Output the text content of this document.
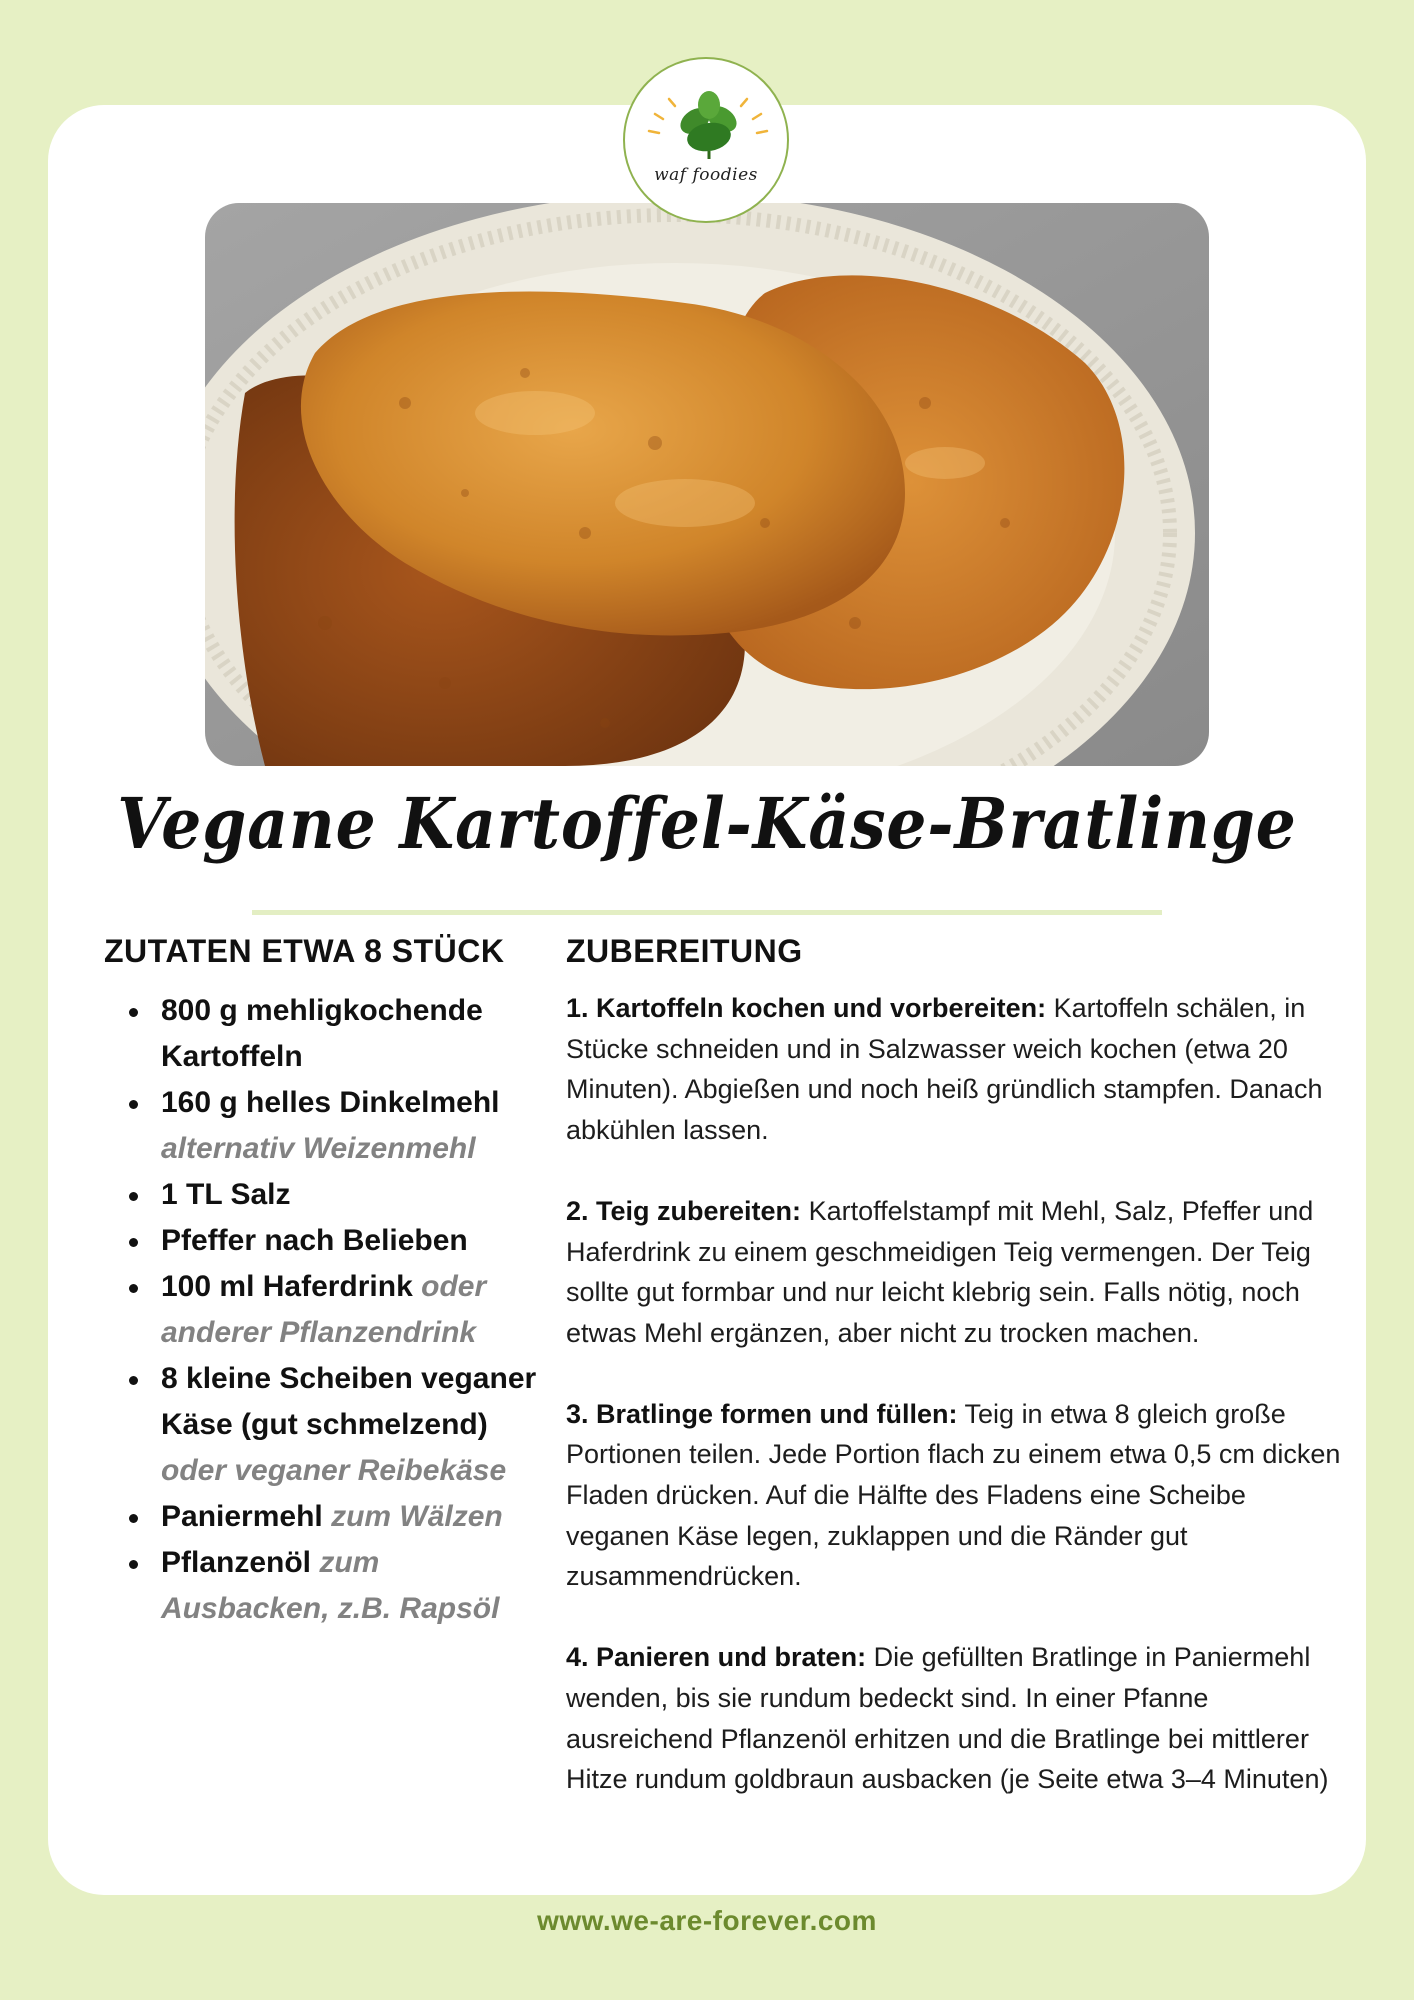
waf foodies
Vegane Kartoffel-Käse-Bratlinge
ZUTATEN ETWA 8 STÜCK
800 g mehligkochende Kartoffeln
160 g helles Dinkelmehl alternativ Weizenmehl
1 TL Salz
Pfeffer nach Belieben
100 ml Haferdrink oder anderer Pflanzendrink
8 kleine Scheiben veganer Käse (gut schmelzend) oder veganer Reibekäse
Paniermehl zum Wälzen
Pflanzenöl zum Ausbacken, z.B. Rapsöl
ZUBEREITUNG

1. Kartoffeln kochen und vorbereiten: Kartoffeln schälen, in Stücke schneiden und in Salzwasser weich kochen (etwa 20 Minuten). Abgießen und noch heiß gründlich stampfen. Danach abkühlen lassen.

2. Teig zubereiten: Kartoffelstampf mit Mehl, Salz, Pfeffer und Haferdrink zu einem geschmeidigen Teig vermengen. Der Teig sollte gut formbar und nur leicht klebrig sein. Falls nötig, noch etwas Mehl ergänzen, aber nicht zu trocken machen.

3. Bratlinge formen und füllen: Teig in etwa 8 gleich große Portionen teilen. Jede Portion flach zu einem etwa 0,5 cm dicken Fladen drücken. Auf die Hälfte des Fladens eine Scheibe veganen Käse legen, zuklappen und die Ränder gut zusammendrücken.

4. Panieren und braten: Die gefüllten Bratlinge in Paniermehl wenden, bis sie rundum bedeckt sind. In einer Pfanne ausreichend Pflanzenöl erhitzen und die Bratlinge bei mittlerer Hitze rundum goldbraun ausbacken (je Seite etwa 3–4 Minuten)

www.we-are-forever.com
